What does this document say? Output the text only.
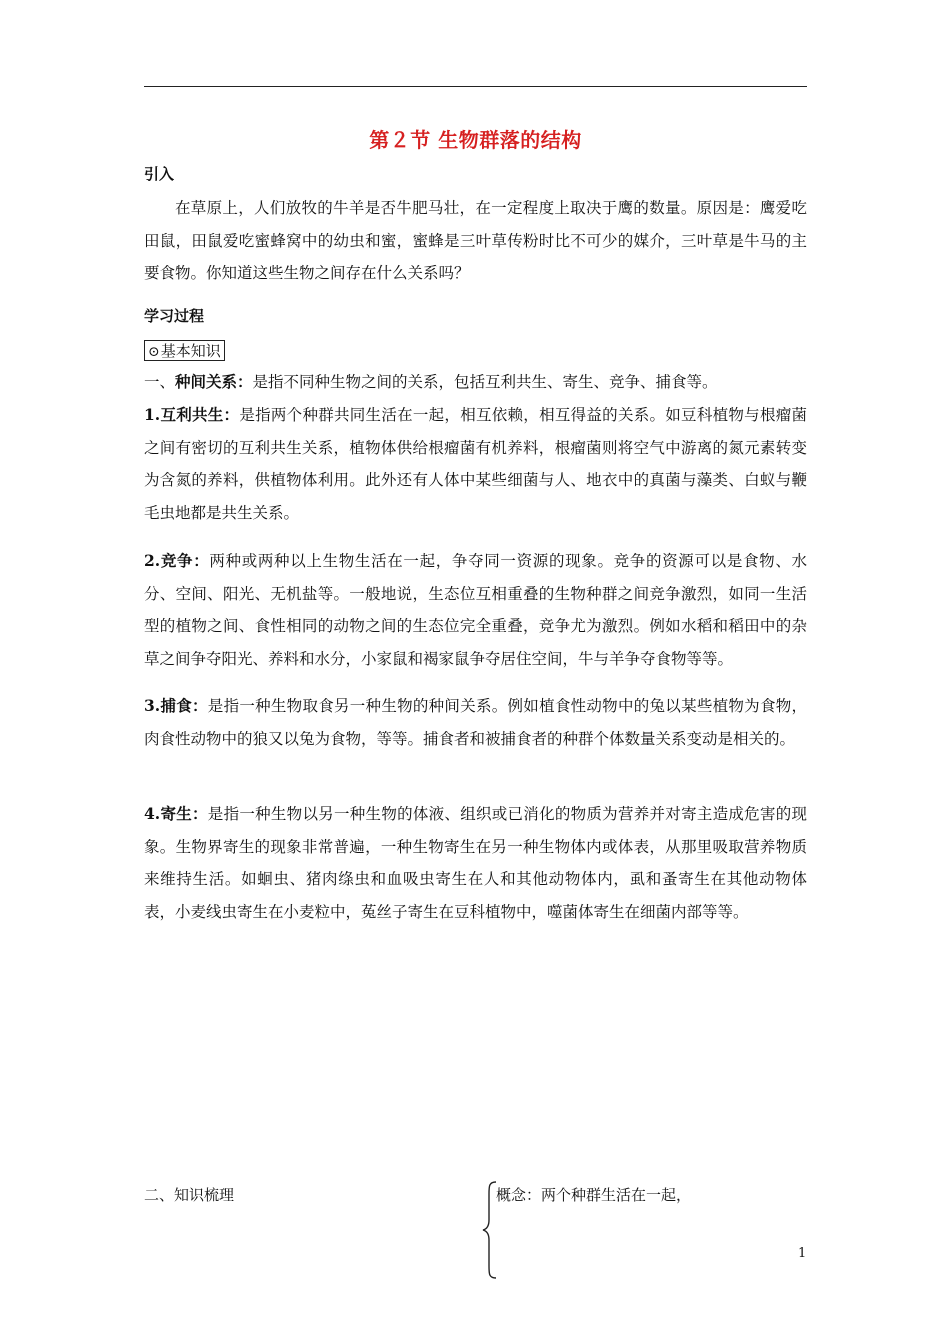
第２节 生物群落的结构
引入

在草原上，人们放牧的牛羊是否牛肥马壮，在一定程度上取决于鹰的数量。原因是：鹰爱吃田鼠，田鼠爱吃蜜蜂窝中的幼虫和蜜，蜜蜂是三叶草传粉时比不可少的媒介，三叶草是牛马的主要食物。你知道这些生物之间存在什么关系吗？

学习过程
⊙基本知识

一、种间关系：是指不同种生物之间的关系，包括互利共生、寄生、竞争、捕食等。

1.互利共生：是指两个种群共同生活在一起，相互依赖，相互得益的关系。如豆科植物与根瘤菌之间有密切的互利共生关系，植物体供给根瘤菌有机养料，根瘤菌则将空气中游离的氮元素转变为含氮的养料，供植物体利用。此外还有人体中某些细菌与人、地衣中的真菌与藻类、白蚁与鞭毛虫地都是共生关系。

2.竞争：两种或两种以上生物生活在一起，争夺同一资源的现象。竞争的资源可以是食物、水分、空间、阳光、无机盐等。一般地说，生态位互相重叠的生物种群之间竞争激烈，如同一生活型的植物之间、食性相同的动物之间的生态位完全重叠，竞争尤为激烈。例如水稻和稻田中的杂草之间争夺阳光、养料和水分，小家鼠和褐家鼠争夺居住空间，牛与羊争夺食物等等。

3.捕食：是指一种生物取食另一种生物的种间关系。例如植食性动物中的兔以某些植物为食物，肉食性动物中的狼又以兔为食物，等等。捕食者和被捕食者的种群个体数量关系变动是相关的。

4.寄生：是指一种生物以另一种生物的体液、组织或已消化的物质为营养并对寄主造成危害的现象。生物界寄生的现象非常普遍，一种生物寄生在另一种生物体内或体表，从那里吸取营养物质来维持生活。如蛔虫、猪肉绦虫和血吸虫寄生在人和其他动物体内，虱和蚤寄生在其他动物体表，小麦线虫寄生在小麦粒中，菟丝子寄生在豆科植物中，噬菌体寄生在细菌内部等等。

二、知识梳理	概念：两个种群生活在一起，
1
